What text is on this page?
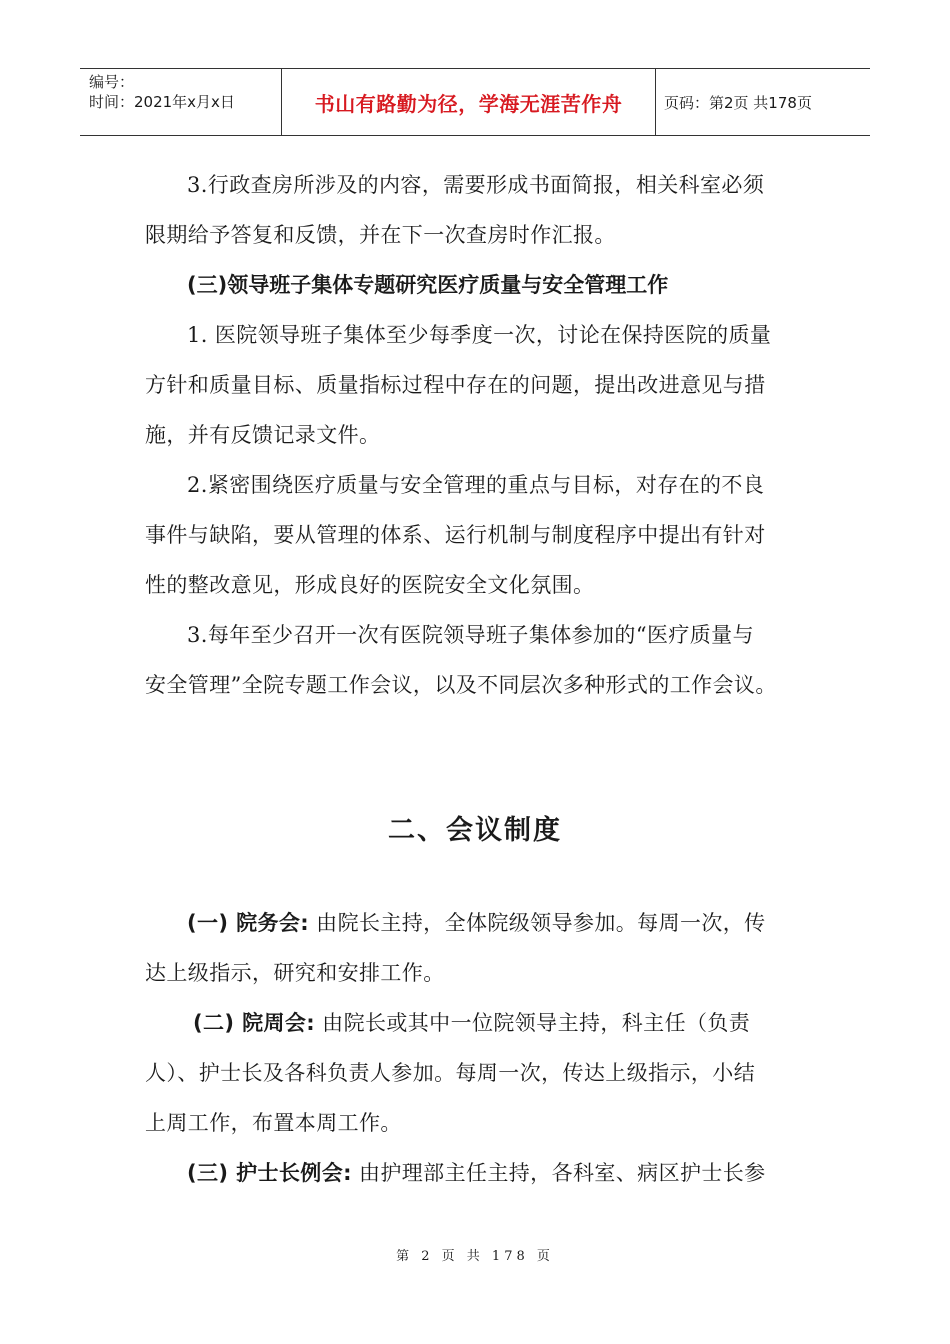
编号：
时间：2021年x月x日	书山有路勤为径，学海无涯苦作舟	页码：第2页 共178页

3.行政查房所涉及的内容，需要形成书面简报，相关科室必须

限期给予答复和反馈，并在下一次查房时作汇报。

(三)领导班子集体专题研究医疗质量与安全管理工作

1. 医院领导班子集体至少每季度一次，讨论在保持医院的质量

方针和质量目标、质量指标过程中存在的问题，提出改进意见与措

施，并有反馈记录文件。

2.紧密围绕医疗质量与安全管理的重点与目标，对存在的不良

事件与缺陷，要从管理的体系、运行机制与制度程序中提出有针对

性的整改意见，形成良好的医院安全文化氛围。

3.每年至少召开一次有医院领导班子集体参加的“医疗质量与

安全管理”全院专题工作会议，以及不同层次多种形式的工作会议。

二、会议制度

(一) 院务会: 由院长主持，全体院级领导参加。每周一次，传

达上级指示，研究和安排工作。

(二) 院周会: 由院长或其中一位院领导主持，科主任（负责

人）、护士长及各科负责人参加。每周一次，传达上级指示，小结

上周工作，布置本周工作。

(三) 护士长例会: 由护理部主任主持，各科室、病区护士长参

第 2 页 共 178 页
